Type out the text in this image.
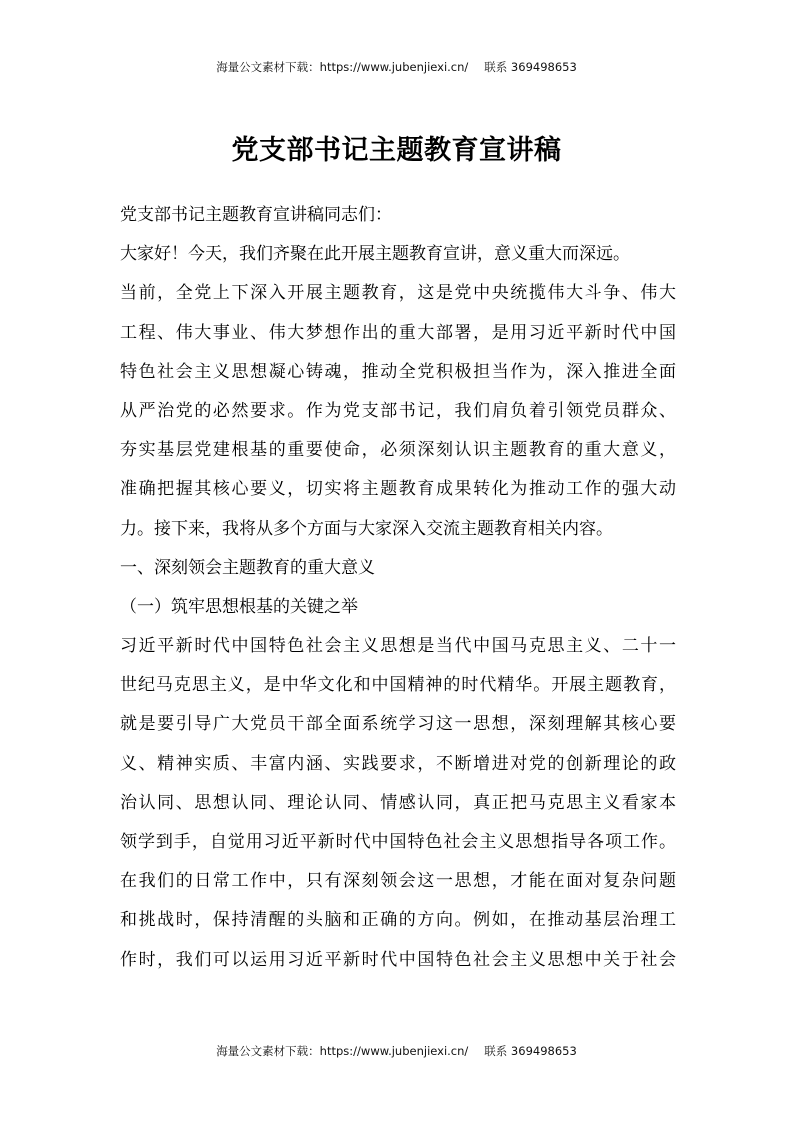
海量公文素材下载：https://www.jubenjiexi.cn/ 联系 369498653
党支部书记主题教育宣讲稿
党支部书记主题教育宣讲稿同志们：
大家好！今天，我们齐聚在此开展主题教育宣讲，意义重大而深远。
当前，全党上下深入开展主题教育，这是党中央统揽伟大斗争、伟大
工程、伟大事业、伟大梦想作出的重大部署，是用习近平新时代中国
特色社会主义思想凝心铸魂，推动全党积极担当作为，深入推进全面
从严治党的必然要求。作为党支部书记，我们肩负着引领党员群众、
夯实基层党建根基的重要使命，必须深刻认识主题教育的重大意义，
准确把握其核心要义，切实将主题教育成果转化为推动工作的强大动
力。接下来，我将从多个方面与大家深入交流主题教育相关内容。
一、深刻领会主题教育的重大意义
（一）筑牢思想根基的关键之举
习近平新时代中国特色社会主义思想是当代中国马克思主义、二十一
世纪马克思主义，是中华文化和中国精神的时代精华。开展主题教育，
就是要引导广大党员干部全面系统学习这一思想，深刻理解其核心要
义、精神实质、丰富内涵、实践要求，不断增进对党的创新理论的政
治认同、思想认同、理论认同、情感认同，真正把马克思主义看家本
领学到手，自觉用习近平新时代中国特色社会主义思想指导各项工作。
在我们的日常工作中，只有深刻领会这一思想，才能在面对复杂问题
和挑战时，保持清醒的头脑和正确的方向。例如，在推动基层治理工
作时，我们可以运用习近平新时代中国特色社会主义思想中关于社会
海量公文素材下载：https://www.jubenjiexi.cn/ 联系 369498653
